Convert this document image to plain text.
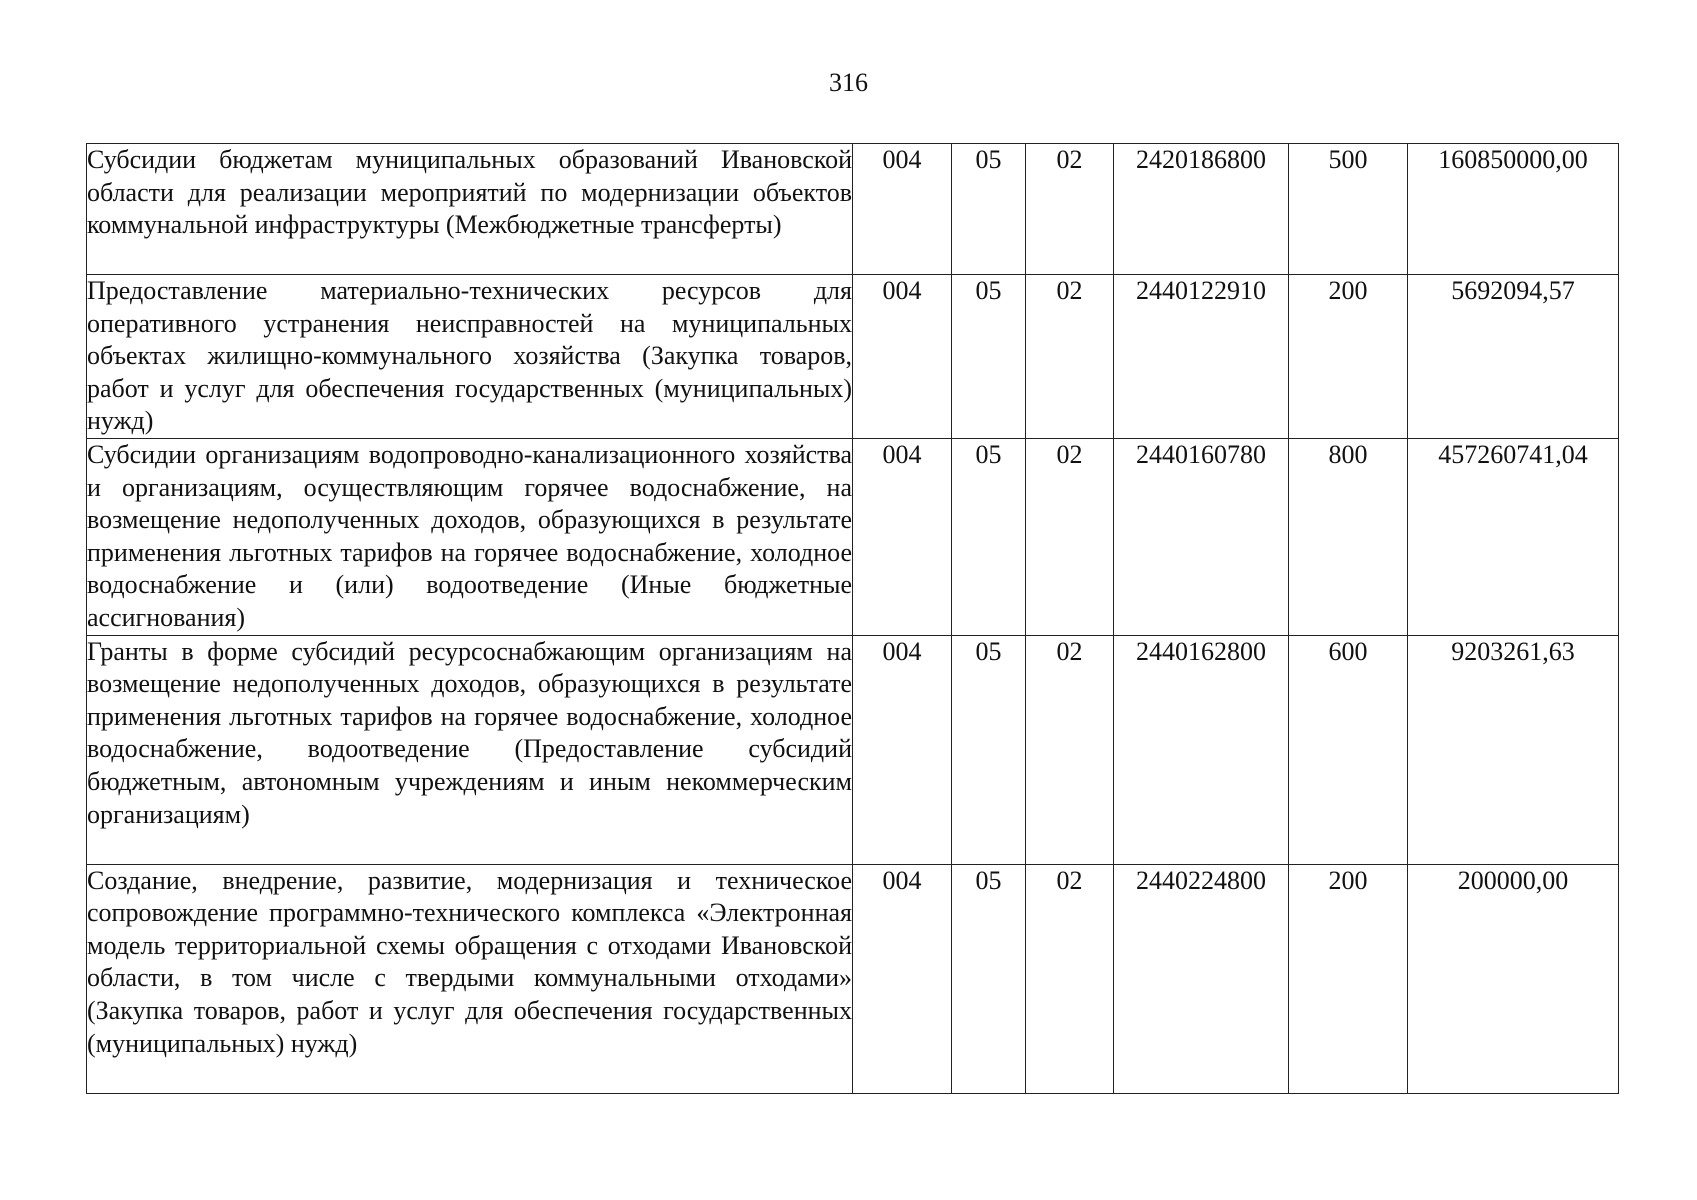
316
Субсидии бюджетам муниципальных образований Ивановской области для реализации мероприятий по модернизации объектов коммунальной инфраструктуры (Межбюджетные трансферты)	004	05	02	2420186800	500	160850000,00
Предоставление материально-технических ресурсов для оперативного устранения неисправностей на муниципальных объектах жилищно-коммунального хозяйства (Закупка товаров, работ и услуг для обеспечения государственных (муниципальных) нужд)	004	05	02	2440122910	200	5692094,57
Субсидии организациям водопроводно-канализационного хозяйства и организациям, осуществляющим горячее водоснабжение, на возмещение недополученных доходов, образующихся в результате применения льготных тарифов на горячее водоснабжение, холодное водоснабжение и (или) водоотведение (Иные бюджетные ассигнования)	004	05	02	2440160780	800	457260741,04
Гранты в форме субсидий ресурсоснабжающим организациям на возмещение недополученных доходов, образующихся в результате применения льготных тарифов на горячее водоснабжение, холодное водоснабжение, водоотведение (Предоставление субсидий бюджетным, автономным учреждениям и иным некоммерческим организациям)	004	05	02	2440162800	600	9203261,63
Создание, внедрение, развитие, модернизация и техническое сопровождение программно-технического комплекса «Электронная модель территориальной схемы обращения с отходами Ивановской области, в том числе с твердыми коммунальными отходами» (Закупка товаров, работ и услуг для обеспечения государственных (муниципальных) нужд)	004	05	02	2440224800	200	200000,00
